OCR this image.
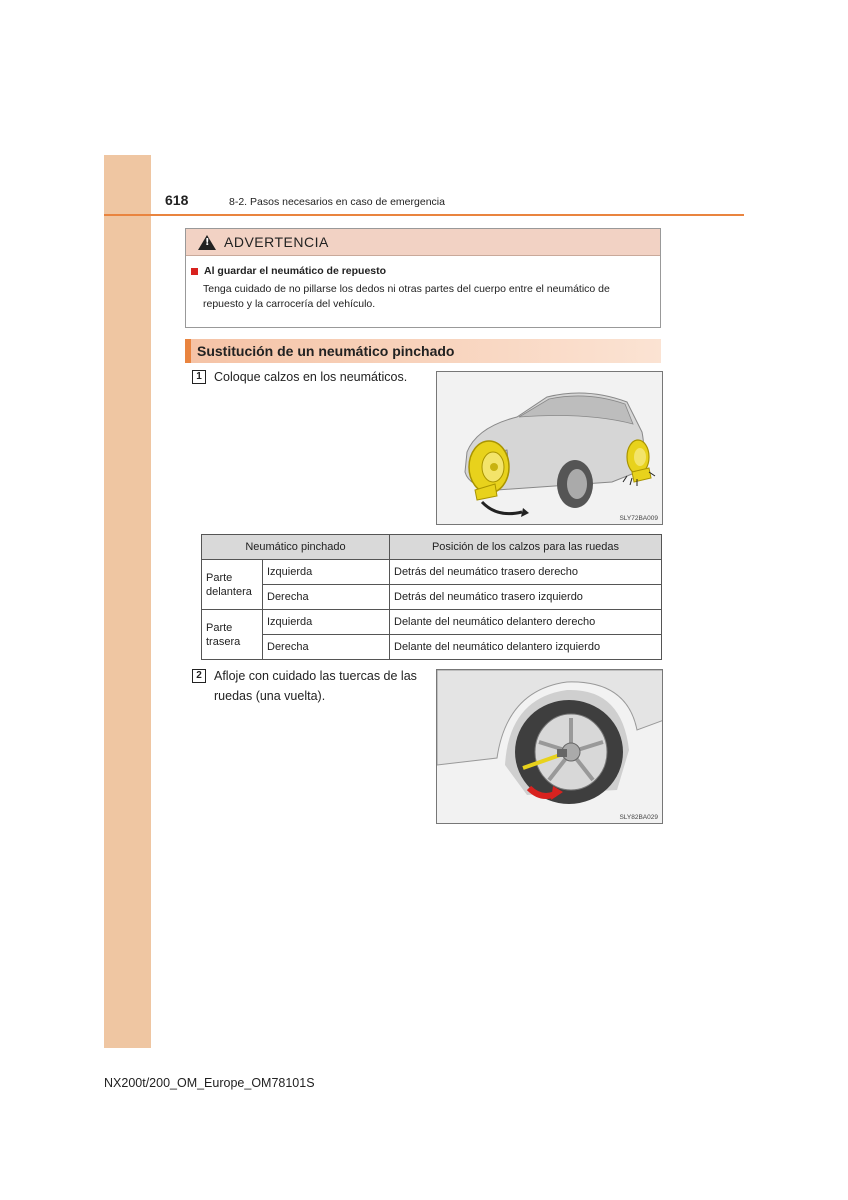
618	8-2. Pasos necesarios en caso de emergencia
!
ADVERTENCIA
Al guardar el neumático de repuesto
Tenga cuidado de no pillarse los dedos ni otras partes del cuerpo entre el neumático de repuesto y la carrocería del vehículo.
Sustitución de un neumático pinchado
1 Coloque calzos en los neumáticos.
SLY72BA009
Neumático pinchado		Posición de los calzos para las ruedas
Parte delantera	Izquierda	Detrás del neumático trasero derecho
	Derecha	Detrás del neumático trasero izquierdo
Parte trasera	Izquierda	Delante del neumático delantero derecho
	Derecha	Delante del neumático delantero izquierdo
2 Afloje con cuidado las tuercas de las ruedas (una vuelta).
SLY82BA029
NX200t/200_OM_Europe_OM78101S
